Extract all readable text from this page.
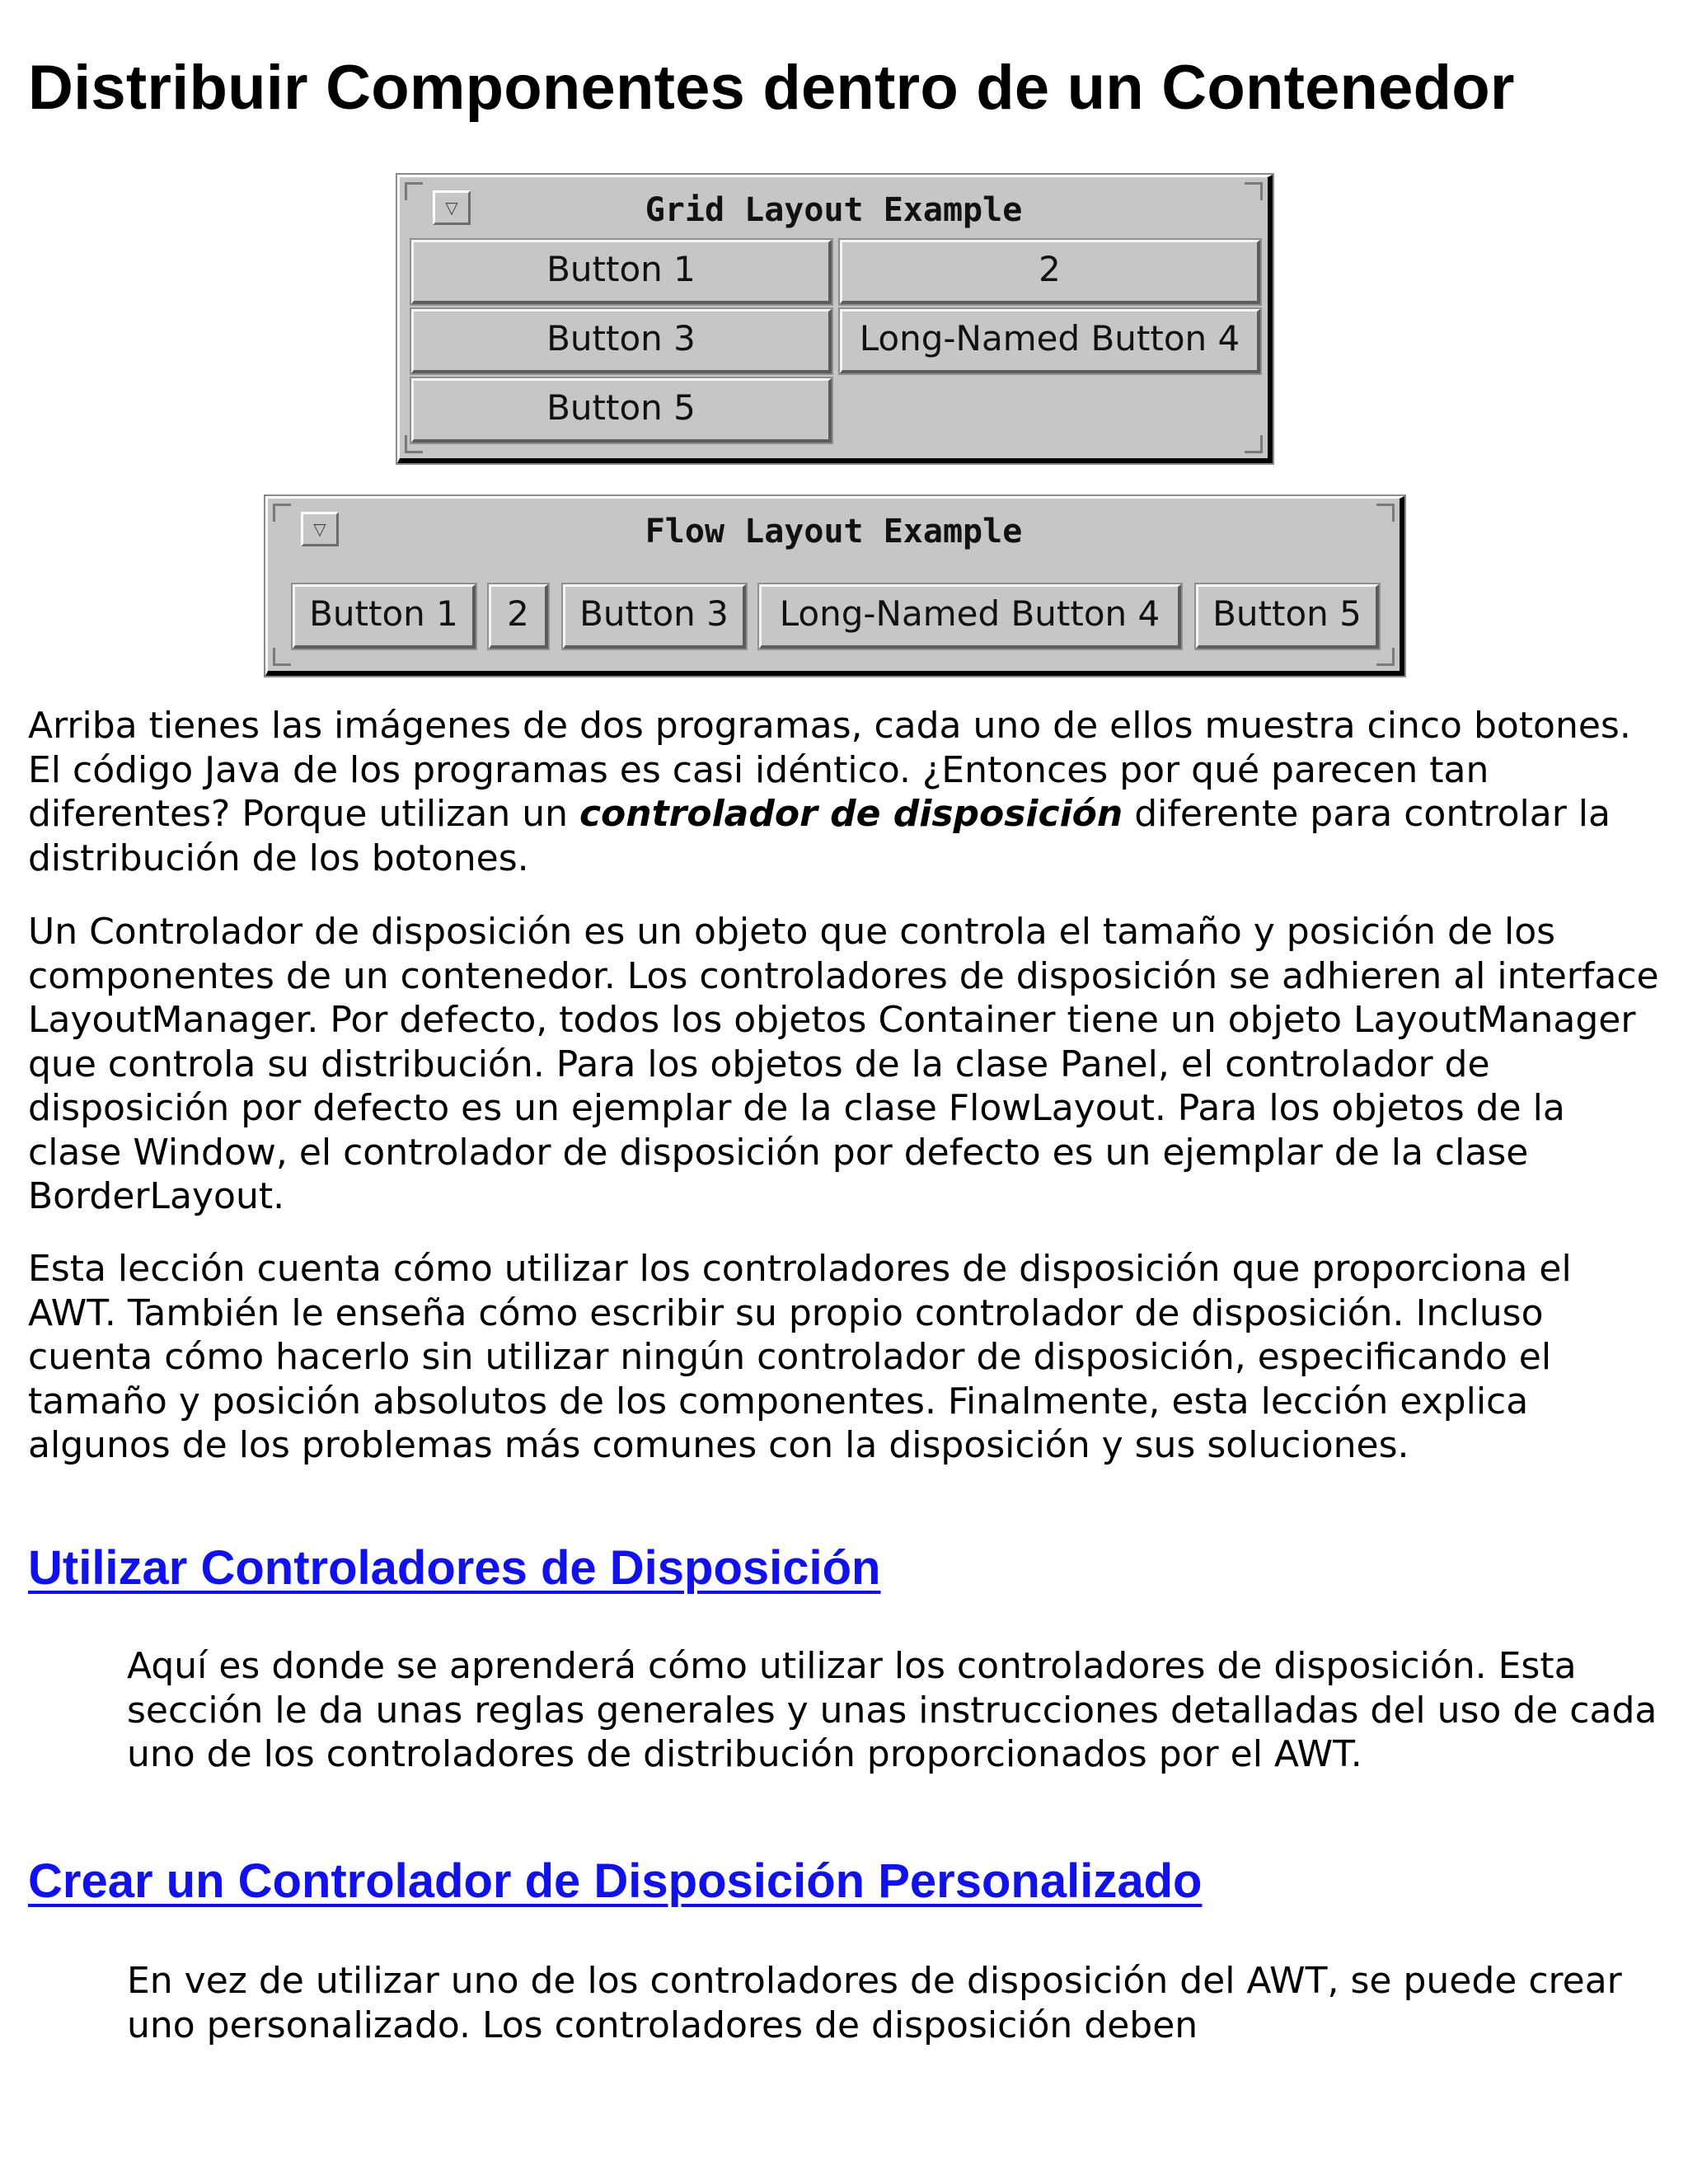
Distribuir Componentes dentro de un Contenedor
▽	Grid Layout Example
Button 1	2
Button 3	Long-Named Button 4
Button 5
▽	Flow Layout Example
Button 1	2	Button 3	Long-Named Button 4	Button 5

Arriba tienes las imágenes de dos programas, cada uno de ellos muestra cinco botones. El código Java de los programas es casi idéntico. ¿Entonces por qué parecen tan diferentes? Porque utilizan un controlador de disposición diferente para controlar la distribución de los botones.

Un Controlador de disposición es un objeto que controla el tamaño y posición de los componentes de un contenedor. Los controladores de disposición se adhieren al interface LayoutManager. Por defecto, todos los objetos Container tiene un objeto LayoutManager que controla su distribución. Para los objetos de la clase Panel, el controlador de disposición por defecto es un ejemplar de la clase FlowLayout. Para los objetos de la clase Window, el controlador de disposición por defecto es un ejemplar de la clase BorderLayout.

Esta lección cuenta cómo utilizar los controladores de disposición que proporciona el AWT. También le enseña cómo escribir su propio controlador de disposición. Incluso cuenta cómo hacerlo sin utilizar ningún controlador de disposición, especificando el tamaño y posición absolutos de los componentes. Finalmente, esta lección explica algunos de los problemas más comunes con la disposición y sus soluciones.

Utilizar Controladores de Disposición

Aquí es donde se aprenderá cómo utilizar los controladores de disposición. Esta sección le da unas reglas generales y unas instrucciones detalladas del uso de cada uno de los controladores de distribución proporcionados por el AWT.

Crear un Controlador de Disposición Personalizado

En vez de utilizar uno de los controladores de disposición del AWT, se puede crear uno personalizado. Los controladores de disposición deben
